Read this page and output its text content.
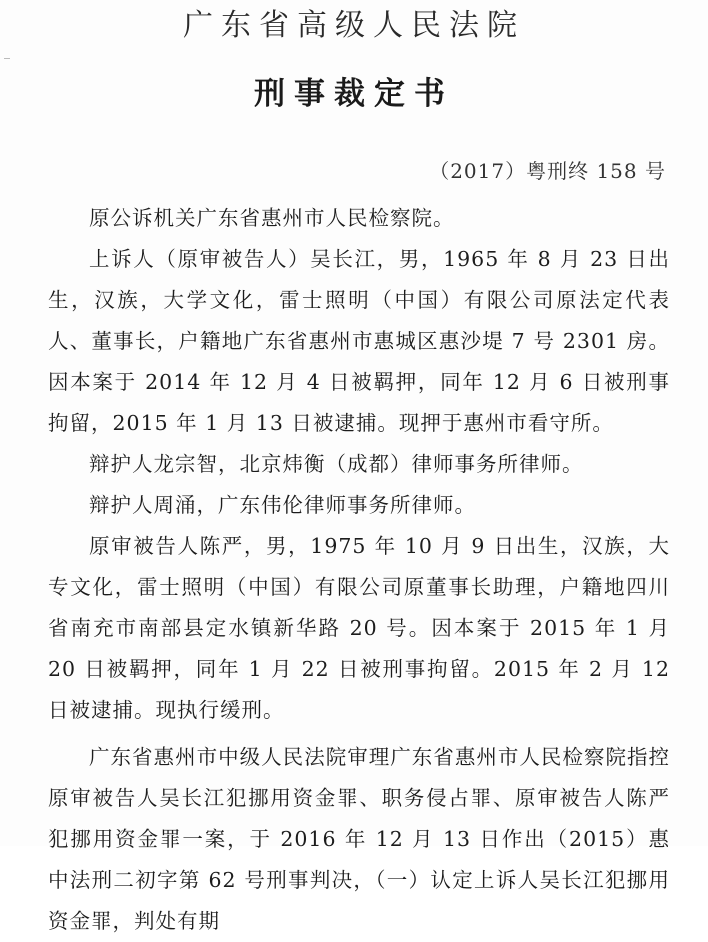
广东省高级人民法院
刑事裁定书
（2017）粤刑终 158 号

原公诉机关广东省惠州市人民检察院。

上诉人（原审被告人）吴长江，男，1965 年 8 月 23 日出生，汉族，大学文化，雷士照明（中国）有限公司原法定代表人、董事长，户籍地广东省惠州市惠城区惠沙堤 7 号 2301 房。因本案于 2014 年 12 月 4 日被羁押，同年 12 月 6 日被刑事拘留，2015 年 1 月 13 日被逮捕。现押于惠州市看守所。

辩护人龙宗智，北京炜衡（成都）律师事务所律师。

辩护人周涌，广东伟伦律师事务所律师。

原审被告人陈严，男，1975 年 10 月 9 日出生，汉族，大专文化，雷士照明（中国）有限公司原董事长助理，户籍地四川省南充市南部县定水镇新华路 20 号。因本案于 2015 年 1 月 20 日被羁押，同年 1 月 22 日被刑事拘留。2015 年 2 月 12 日被逮捕。现执行缓刑。

广东省惠州市中级人民法院审理广东省惠州市人民检察院指控原审被告人吴长江犯挪用资金罪、职务侵占罪、原审被告人陈严犯挪用资金罪一案，于 2016 年 12 月 13 日作出（2015）惠中法刑二初字第 62 号刑事判决，（一）认定上诉人吴长江犯挪用资金罪，判处有期
